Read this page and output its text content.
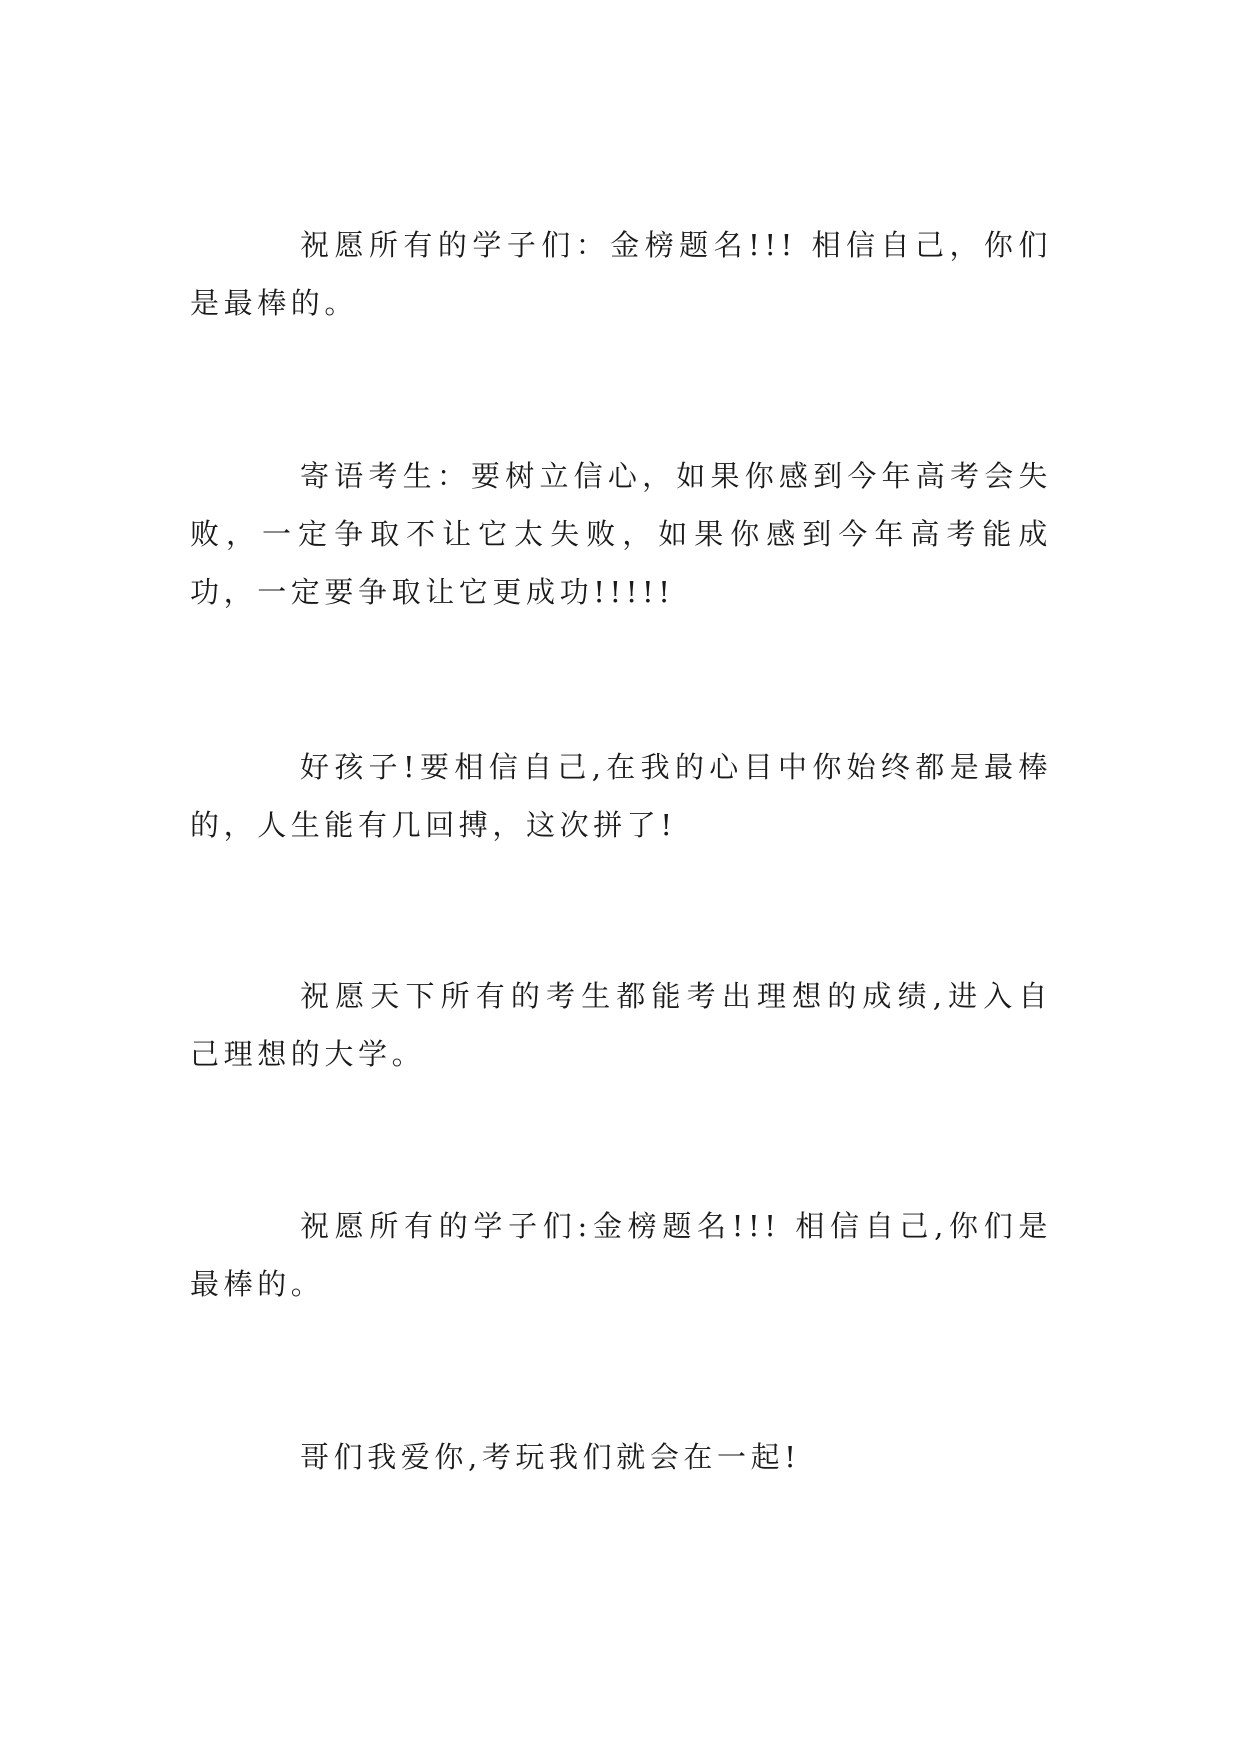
祝愿所有的学子们：金榜题名!!! 相信自己，你们是最棒的。

寄语考生：要树立信心，如果你感到今年高考会失败，一定争取不让它太失败，如果你感到今年高考能成功，一定要争取让它更成功!!!!!

好孩子!要相信自己,在我的心目中你始终都是最棒的，人生能有几回搏，这次拼了!

祝愿天下所有的考生都能考出理想的成绩,进入自己理想的大学。

祝愿所有的学子们:金榜题名!!! 相信自己,你们是最棒的。

哥们我爱你,考玩我们就会在一起!
